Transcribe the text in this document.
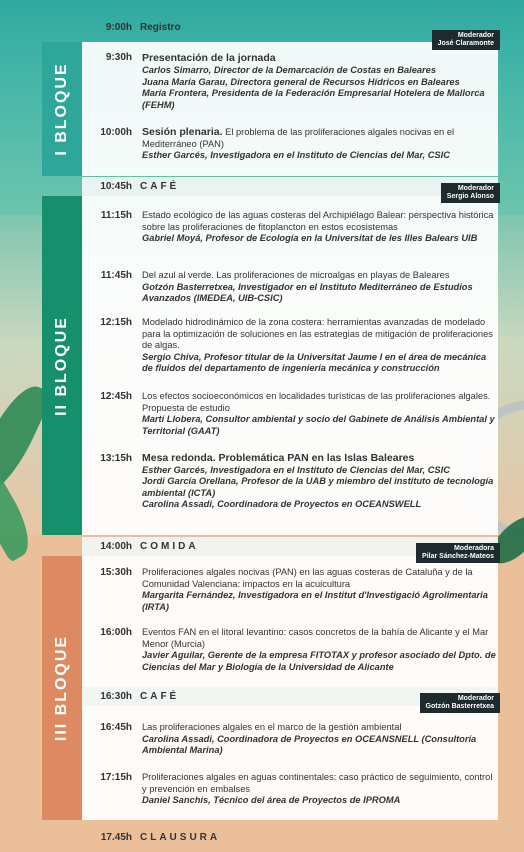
I BLOQUE
II BLOQUE
III BLOQUE
9:00h Registro
10:45h CAFÉ
14:00h COMIDA
16:30h CAFÉ
17.45h CLAUSURA
Moderador
José Claramonte
Moderador
Sergio Alonso
Moderadora
Pilar Sánchez-Mateos
Moderador
Gotzón Basterretxea
9:30h Presentación de la jornada
Carlos Simarro, Director de la Demarcación de Costas en Baleares
Juana María Garau, Directora general de Recursos Hídricos en Baleares
María Frontera, Presidenta de la Federación Empresarial Hotelera de Mallorca (FEHM)
10:00h Sesión plenaria. El problema de las proliferaciones algales nocivas en el Mediterráneo (PAN)
Esther Garcés, Investigadora en el Instituto de Ciencias del Mar, CSIC
11:15h	Estado ecológico de las aguas costeras del Archipiélago Balear: perspectiva histórica sobre las proliferaciones de fitoplancton en estos ecosistemas
Gabriel Moyá, Profesor de Ecología en la Universitat de les Illes Balears UIB
11:45h	Del azul al verde. Las proliferaciones de microalgas en playas de Baleares
Gotzón Basterretxea, Investigador en el Instituto Mediterráneo de Estudios Avanzados (IMEDEA, UIB-CSIC)
12:15h	Modelado hidrodinámico de la zona costera: herramientas avanzadas de modelado para la optimización de soluciones en las estrategias de mitigación de proliferaciones de algas.
Sergio Chiva, Profesor titular de la Universitat Jaume I en el área de mecánica de fluidos del departamento de ingeniería mecánica y construcción
12:45h	Los efectos socioeconómicos en localidades turísticas de las proliferaciones algales. Propuesta de estudio
Martí Llobera, Consultor ambiental y socio del Gabinete de Análisis Ambiental y Territorial (GAAT)
13:15h Mesa redonda. Problemática PAN en las Islas Baleares
Esther Garcés, Investigadora en el Instituto de Ciencias del Mar, CSIC
Jordi García Orellana, Profesor de la UAB y miembro del instituto de tecnología ambiental (ICTA)
Carolina Assadi, Coordinadora de Proyectos en OCEANSWELL
15:30h	Proliferaciones algales nocivas (PAN) en las aguas costeras de Cataluña y de la Comunidad Valenciana: impactos en la acuicultura
Margarita Fernández, Investigadora en el Institut d'Investigació Agrolimentaria (IRTA)
16:00h	Eventos FAN en el litoral levantino: casos concretos de la bahía de Alicante y el Mar Menor (Murcia)
Javier Aguilar, Gerente de la empresa FITOTAX y profesor asociado del Dpto. de Ciencias del Mar y Biología de la Universidad de Alicante
16:45h	Las proliferaciones algales en el marco de la gestión ambiental
Carolina Assadi, Coordinadora de Proyectos en OCEANSNELL (Consultoría Ambiental Marina)
17:15h	Proliferaciones algales en aguas continentales: caso práctico de seguimiento, control y prevención en embalses
Daniel Sanchis, Técnico del área de Proyectos de IPROMA
